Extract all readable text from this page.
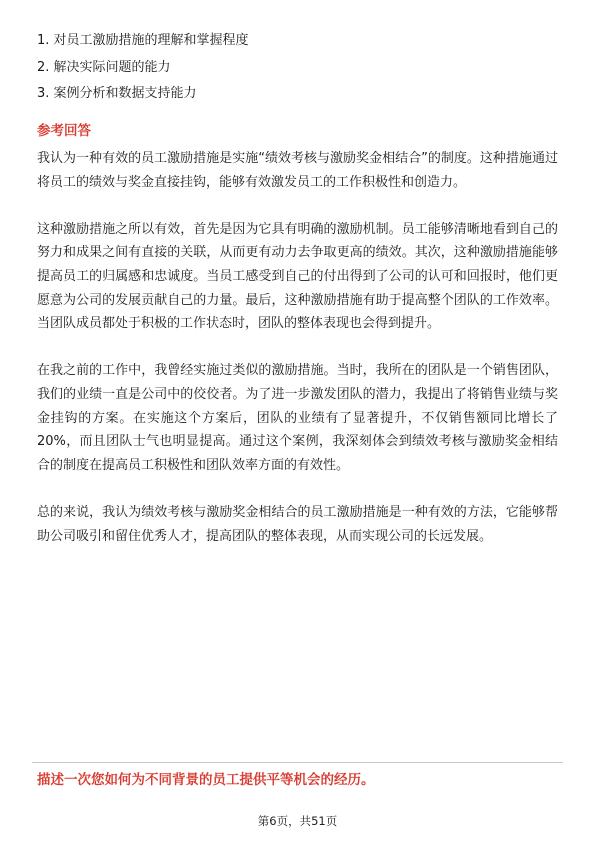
1. 对员工激励措施的理解和掌握程度
2. 解决实际问题的能力
3. 案例分析和数据支持能力
参考回答

我认为一种有效的员工激励措施是实施“绩效考核与激励奖金相结合”的制度。这种措施通过将员工的绩效与奖金直接挂钩，能够有效激发员工的工作积极性和创造力。

这种激励措施之所以有效，首先是因为它具有明确的激励机制。员工能够清晰地看到自己的努力和成果之间有直接的关联，从而更有动力去争取更高的绩效。其次，这种激励措施能够提高员工的归属感和忠诚度。当员工感受到自己的付出得到了公司的认可和回报时，他们更愿意为公司的发展贡献自己的力量。最后，这种激励措施有助于提高整个团队的工作效率。当团队成员都处于积极的工作状态时，团队的整体表现也会得到提升。

在我之前的工作中，我曾经实施过类似的激励措施。当时，我所在的团队是一个销售团队，我们的业绩一直是公司中的佼佼者。为了进一步激发团队的潜力，我提出了将销售业绩与奖金挂钩的方案。在实施这个方案后，团队的业绩有了显著提升，不仅销售额同比增长了20%，而且团队士气也明显提高。通过这个案例，我深刻体会到绩效考核与激励奖金相结合的制度在提高员工积极性和团队效率方面的有效性。

总的来说，我认为绩效考核与激励奖金相结合的员工激励措施是一种有效的方法，它能够帮助公司吸引和留住优秀人才，提高团队的整体表现，从而实现公司的长远发展。

描述一次您如何为不同背景的员工提供平等机会的经历。
第6页，共51页
